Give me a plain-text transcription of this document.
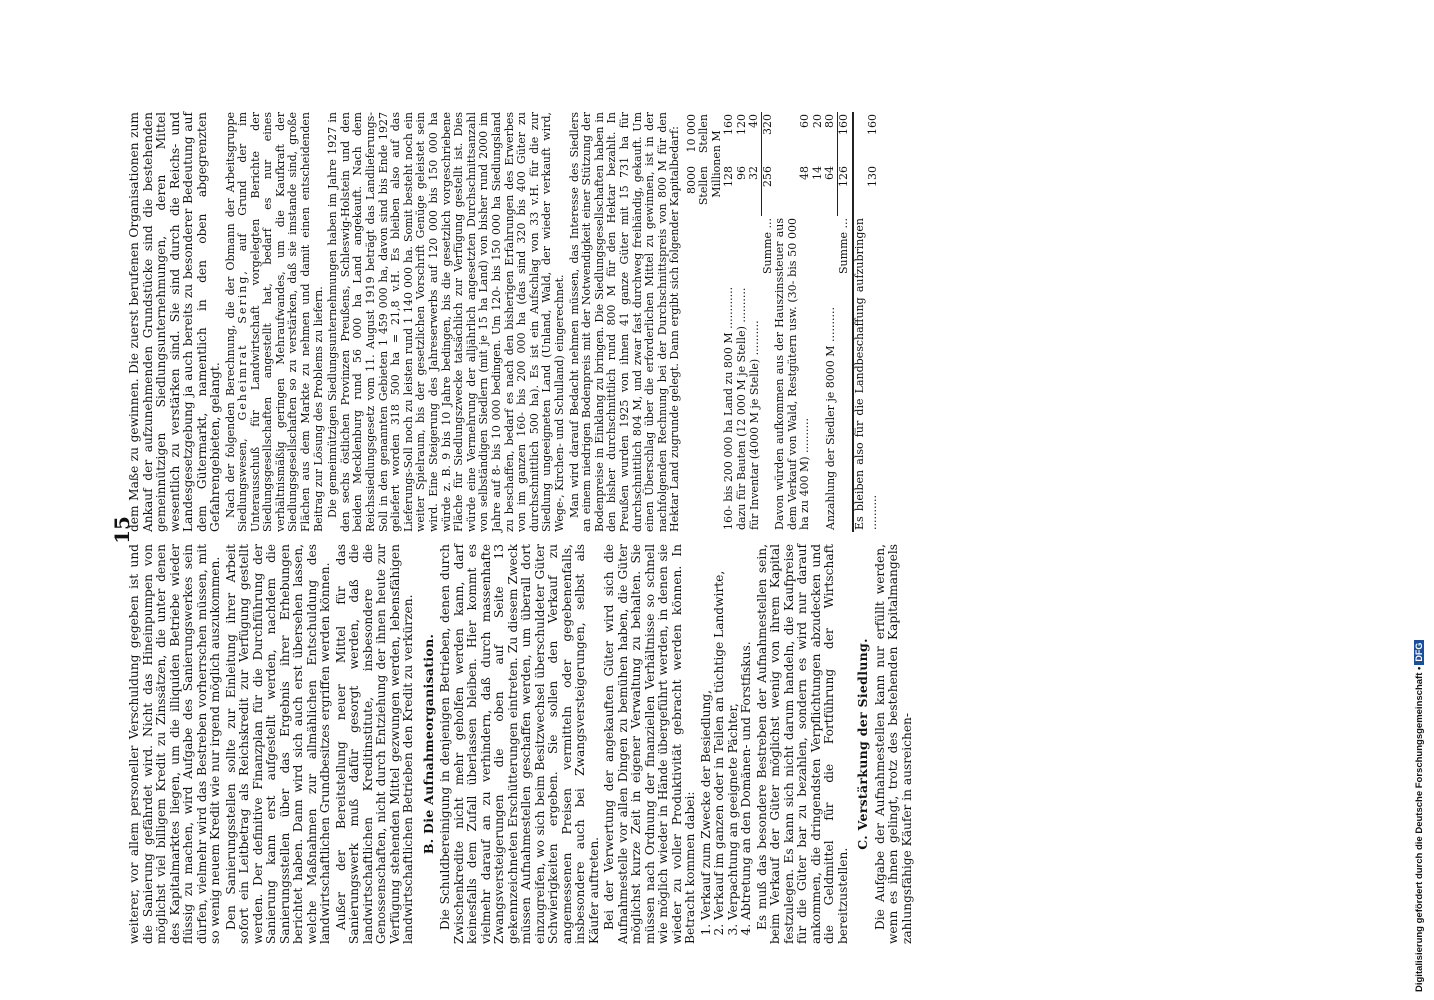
15

weiterer, vor allem personeller Verschuldung gegeben ist und die Sanierung gefährdet wird. Nicht das Hineinpumpen von möglichst viel billigem Kredit zu Zinssätzen, die unter denen des Kapitalmarktes liegen, um die illiquiden Betriebe wieder flüssig zu machen, wird Aufgabe des Sanierungswerkes sein dürfen, vielmehr wird das Bestreben vorherrschen müssen, mit so wenig neuem Kredit wie nur irgend möglich auszukommen. Den Sanierungsstellen sollte zur Einleitung ihrer Arbeit sofort ein Leitbetrag als Reichskredit zur Verfügung gestellt werden. Der definitive Finanzplan für die Durchführung der Sanierung kann erst aufgestellt werden, nachdem die Sanierungsstellen über das Ergebnis ihrer Erhebungen berichtet haben. Dann wird sich auch erst übersehen lassen, welche Maßnahmen zur allmählichen Entschuldung des landwirtschaftlichen Grundbesitzes ergriffen werden können. Außer der Bereitstellung neuer Mittel für das Sanierungswerk muß dafür gesorgt werden, daß die landwirtschaftlichen Kreditinstitute, insbesondere die Genossenschaften, nicht durch Entziehung der ihnen heute zur Verfügung stehenden Mittel gezwungen werden, lebensfähigen landwirtschaftlichen Betrieben den Kredit zu verkürzen. B. Die Aufnahmeorganisation. Die Schuldbereinigung in denjenigen Betrieben, denen durch Zwischenkredite nicht mehr geholfen werden kann, darf keinesfalls dem Zufall überlassen bleiben. Hier kommt es vielmehr darauf an zu verhindern, daß durch massenhafte Zwangsversteigerungen die oben auf Seite 13 gekennzeichneten Erschütterungen eintreten. Zu diesem Zweck müssen Aufnahmestellen geschaffen werden, um überall dort einzugreifen, wo sich beim Besitzwechsel überschuldeter Güter Schwierigkeiten ergeben. Sie sollen den Verkauf zu angemessenen Preisen vermitteln oder gegebenenfalls, insbesondere auch bei Zwangsversteigerungen, selbst als Käufer auftreten. Bei der Verwertung der angekauften Güter wird sich die Aufnahmestelle vor allen Dingen zu bemühen haben, die Güter möglichst kurze Zeit in eigener Verwaltung zu behalten. Sie müssen nach Ordnung der finanziellen Verhältnisse so schnell wie möglich wieder in Hände übergeführt werden, in denen sie wieder zu voller Produktivität gebracht werden können. In Betracht kommen dabei: 1. Verkauf zum Zwecke der Besiedlung, 2. Verkauf im ganzen oder in Teilen an tüchtige Landwirte, 3. Verpachtung an geeignete Pächter, 4. Abtretung an den Domänen- und Forstfiskus. Es muß das besondere Bestreben der Aufnahmestellen sein, beim Verkauf der Güter möglichst wenig von ihrem Kapital festzulegen. Es kann sich nicht darum handeln, die Kaufpreise für die Güter bar zu bezahlen, sondern es wird nur darauf ankommen, die dringendsten Verpflichtungen abzudecken und die Geldmittel für die Fortführung der Wirtschaft bereitzustellen.

C. Verstärkung der Siedlung. Die Aufgabe der Aufnahmestellen kann nur erfüllt werden, wenn es ihnen gelingt, trotz des bestehenden Kapitalmangels zahlungsfähige Käufer in ausreichen-

dem Maße zu gewinnen. Die zuerst berufenen Organisationen zum Ankauf der aufzunehmenden Grundstücke sind die bestehenden gemeinnützigen Siedlungsunternehmungen, deren Mittel wesentlich zu verstärken sind. Sie sind durch die Reichs- und Landesgesetzgebung ja auch bereits zu besonderer Bedeutung auf dem Gütermarkt, namentlich in den oben abgegrenzten Gefahrengebieten, gelangt. Nach der folgenden Berechnung, die der Obmann der Arbeitsgruppe Siedlungswesen, Geheimrat Sering, auf Grund der im Unterausschuß für Landwirtschaft vorgelegten Berichte der Siedlungsgesellschaften angestellt hat, bedarf es nur eines verhältnismäßig geringen Mehraufwandes, um die Kaufkraft der Siedlungsgesellschaften so zu verstärken, daß sie imstande sind, große Flächen aus dem Markte zu nehmen und damit einen entscheidenden Beitrag zur Lösung des Problems zu liefern. Die gemeinnützigen Siedlungsunternehmungen haben im Jahre 1927 in den sechs östlichen Provinzen Preußens, Schleswig-Holstein und den beiden Mecklenburg rund 56 000 ha Land angekauft. Nach dem Reichssiedlungsgesetz vom 11. August 1919 beträgt das Landlieferungs-Soll in den genannten Gebieten 1 459 000 ha, davon sind bis Ende 1927 geliefert worden 318 500 ha = 21,8 v.H. Es bleiben also auf das Lieferungs-Soll noch zu leisten rund 1 140 000 ha. Somit besteht noch ein weiter Spielraum, bis der gesetzlichen Vorschrift Genüge geleistet sein wird. Eine Steigerung des Jahreserwerbs auf 120 000 bis 150 000 ha würde z. B. 9 bis 10 Jahre bedingen, bis die gesetzlich vorgeschriebene Fläche für Siedlungszwecke tatsächlich zur Verfügung gestellt ist. Dies würde eine Vermehrung der alljährlich angesetzten Durchschnittsanzahl von selbständigen Siedlern (mit je 15 ha Land) von bisher rund 2000 im Jahre auf 8- bis 10 000 bedingen. Um 120- bis 150 000 ha Siedlungsland zu beschaffen, bedarf es nach den bisherigen Erfahrungen des Erwerbes von im ganzen 160- bis 200 000 ha (das sind 320 bis 400 Güter zu durchschnittlich 500 ha). Es ist ein Aufschlag von 33 v.H. für die zur Siedlung ungeeigneten Land (Unland, Wald, der wieder verkauft wird, Wege-, Kirchen- und Schulland) eingerechnet. Man wird darauf Bedacht nehmen müssen, das Interesse des Siedlers an einem niedrigen Bodenpreis mit der Notwendigkeit einer Stützung der Bodenpreise in Einklang zu bringen. Die Siedlungsgesellschaften haben in den bisher durchschnittlich rund 800 M für den Hektar bezahlt. In Preußen wurden 1925 von ihnen 41 ganze Güter mit 15 731 ha für durchschnittlich 804 M, und zwar fast durchweg freihändig, gekauft. Um einen Überschlag über die erforderlichen Mittel zu gewinnen, ist in der nachfolgenden Rechnung bei der Durchschnittspreis von 800 M für den Hektar Land zugrunde gelegt. Dann ergibt sich folgender Kapitalbedarf:

	8000 Stellen	10 000 Stellen
	Millionen M	
160- bis 200 000 ha Land zu 800 M ............	128	160
dazu für Bauten (12 000 M je Stelle) ..........	96	120
für Inventar (4000 M je Stelle) ..........	32	40
Summe ...	256	320
Davon würden aufkommen aus der Hauszinssteuer aus dem Verkauf von Wald, Restgütern usw. (30- bis 50 000 ha zu 400 M) ..........	48	60
	14	20
Anzahlung der Siedler je 8000 M ..........	64	80
Summe ...	126	160

Es bleiben also für die Landbeschaffung aufzubringen ..........	130	160
Digitalisierung gefördert durch die Deutsche Forschungsgemeinschaft •DFG
